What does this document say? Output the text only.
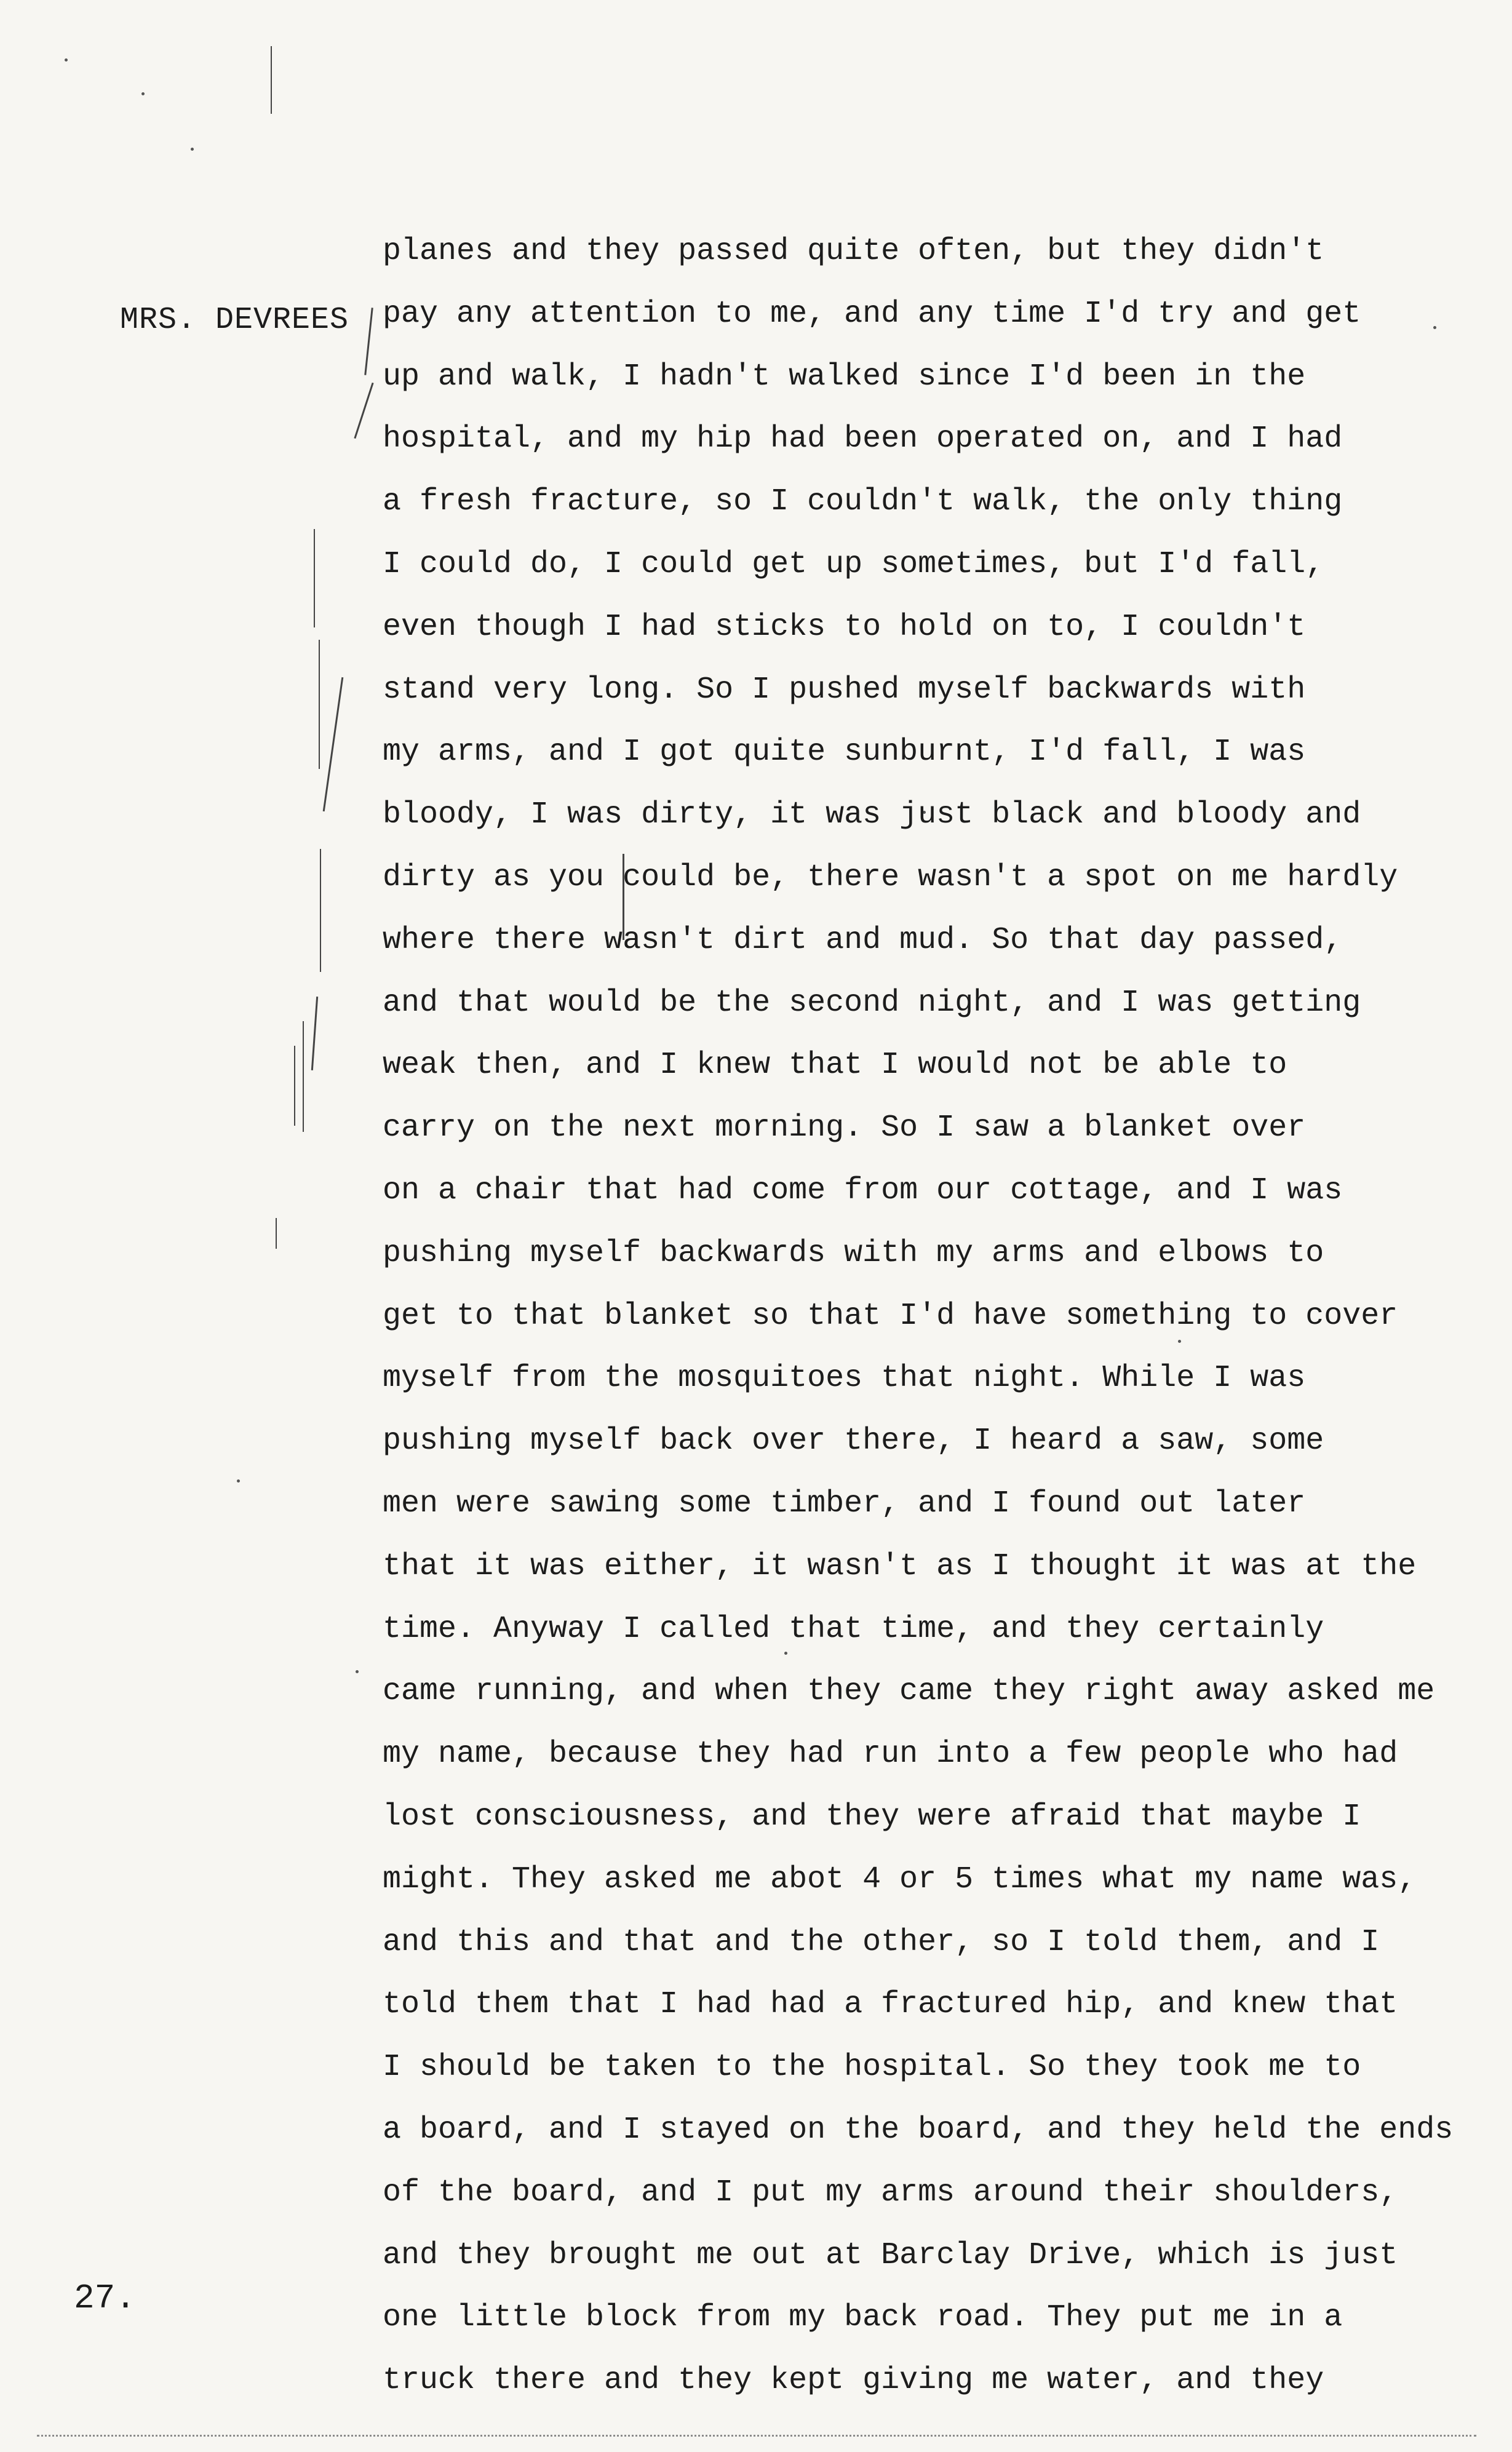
MRS. DEVREES
planes and they passed quite often, but they didn't
pay any attention to me, and any time I'd try and get
up and walk, I hadn't walked since I'd been in the
hospital, and my hip had been operated on, and I had
a fresh fracture, so I couldn't walk, the only thing
I could do, I could get up sometimes, but I'd fall,
even though I had sticks to hold on to, I couldn't
stand very long. So I pushed myself backwards with
my arms, and I got quite sunburnt, I'd fall, I was
bloody, I was dirty, it was just black and bloody and
dirty as you could be, there wasn't a spot on me hardly
where there wasn't dirt and mud. So that day passed,
and that would be the second night, and I was getting
weak then, and I knew that I would not be able to
carry on the next morning. So I saw a blanket over
on a chair that had come from our cottage, and I was
pushing myself backwards with my arms and elbows to
get to that blanket so that I'd have something to cover
myself from the mosquitoes that night. While I was
pushing myself back over there, I heard a saw, some
men were sawing some timber, and I found out later
that it was either, it wasn't as I thought it was at the
time. Anyway I called that time, and they certainly
came running, and when they came they right away asked me
my name, because they had run into a few people who had
lost consciousness, and they were afraid that maybe I
might. They asked me abot 4 or 5 times what my name was,
and this and that and the other, so I told them, and I
told them that I had had a fractured hip, and knew that
I should be taken to the hospital. So they took me to
a board, and I stayed on the board, and they held the ends
of the board, and I put my arms around their shoulders,
and they brought me out at Barclay Drive, which is just
one little block from my back road. They put me in a
truck there and they kept giving me water, and they
27.
